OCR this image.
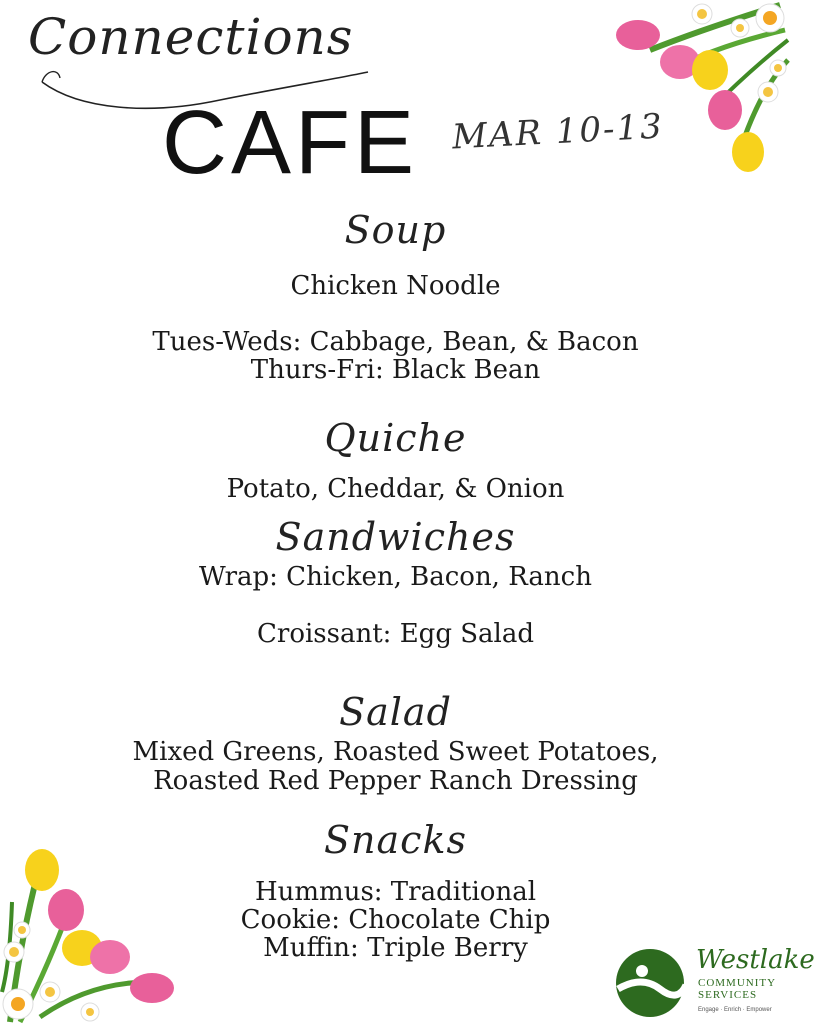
Connections
CAFE MAR 10-13
Soup
Chicken Noodle
Tues-Weds: Cabbage, Bean, & Bacon
Thurs-Fri: Black Bean
Quiche
Potato, Cheddar, & Onion
Sandwiches
Wrap: Chicken, Bacon, Ranch
Croissant: Egg Salad
Salad
Mixed Greens, Roasted Sweet Potatoes,
Roasted Red Pepper Ranch Dressing
Snacks
Hummus: Traditional
Cookie: Chocolate Chip
Muffin: Triple Berry	Westlake
COMMUNITY
SERVICES
Engage · Enrich · Empower
